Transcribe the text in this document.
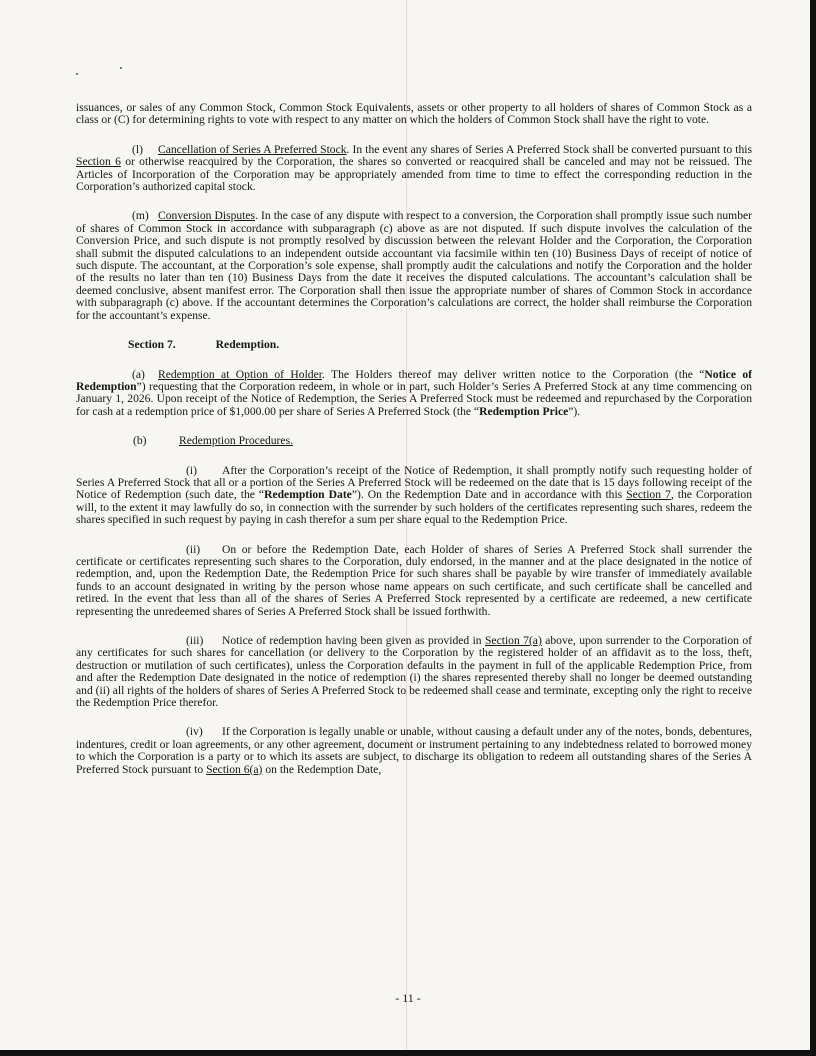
issuances, or sales of any Common Stock, Common Stock Equivalents, assets or other property to all holders of shares of Common Stock as a class or (C) for determining rights to vote with respect to any matter on which the holders of Common Stock shall have the right to vote.

(l) Cancellation of Series A Preferred Stock. In the event any shares of Series A Preferred Stock shall be converted pursuant to this Section 6 or otherwise reacquired by the Corporation, the shares so converted or reacquired shall be canceled and may not be reissued. The Articles of Incorporation of the Corporation may be appropriately amended from time to time to effect the corresponding reduction in the Corporation’s authorized capital stock.

(m) Conversion Disputes. In the case of any dispute with respect to a conversion, the Corporation shall promptly issue such number of shares of Common Stock in accordance with subparagraph (c) above as are not disputed. If such dispute involves the calculation of the Conversion Price, and such dispute is not promptly resolved by discussion between the relevant Holder and the Corporation, the Corporation shall submit the disputed calculations to an independent outside accountant via facsimile within ten (10) Business Days of receipt of notice of such dispute. The accountant, at the Corporation’s sole expense, shall promptly audit the calculations and notify the Corporation and the holder of the results no later than ten (10) Business Days from the date it receives the disputed calculations. The accountant’s calculation shall be deemed conclusive, absent manifest error. The Corporation shall then issue the appropriate number of shares of Common Stock in accordance with subparagraph (c) above. If the accountant determines the Corporation’s calculations are correct, the holder shall reimburse the Corporation for the accountant’s expense.

Section 7.	Redemption.

(a) Redemption at Option of Holder. The Holders thereof may deliver written notice to the Corporation (the “Notice of Redemption”) requesting that the Corporation redeem, in whole or in part, such Holder’s Series A Preferred Stock at any time commencing on January 1, 2026. Upon receipt of the Notice of Redemption, the Series A Preferred Stock must be redeemed and repurchased by the Corporation for cash at a redemption price of $1,000.00 per share of Series A Preferred Stock (the “Redemption Price”).

(b)	Redemption Procedures.

(i) After the Corporation’s receipt of the Notice of Redemption, it shall promptly notify such requesting holder of Series A Preferred Stock that all or a portion of the Series A Preferred Stock will be redeemed on the date that is 15 days following receipt of the Notice of Redemption (such date, the “Redemption Date”). On the Redemption Date and in accordance with this Section 7, the Corporation will, to the extent it may lawfully do so, in connection with the surrender by such holders of the certificates representing such shares, redeem the shares specified in such request by paying in cash therefor a sum per share equal to the Redemption Price.

(ii) On or before the Redemption Date, each Holder of shares of Series A Preferred Stock shall surrender the certificate or certificates representing such shares to the Corporation, duly endorsed, in the manner and at the place designated in the notice of redemption, and, upon the Redemption Date, the Redemption Price for such shares shall be payable by wire transfer of immediately available funds to an account designated in writing by the person whose name appears on such certificate, and such certificate shall be cancelled and retired. In the event that less than all of the shares of Series A Preferred Stock represented by a certificate are redeemed, a new certificate representing the unredeemed shares of Series A Preferred Stock shall be issued forthwith.

(iii) Notice of redemption having been given as provided in Section 7(a) above, upon surrender to the Corporation of any certificates for such shares for cancellation (or delivery to the Corporation by the registered holder of an affidavit as to the loss, theft, destruction or mutilation of such certificates), unless the Corporation defaults in the payment in full of the applicable Redemption Price, from and after the Redemption Date designated in the notice of redemption (i) the shares represented thereby shall no longer be deemed outstanding and (ii) all rights of the holders of shares of Series A Preferred Stock to be redeemed shall cease and terminate, excepting only the right to receive the Redemption Price therefor.

(iv) If the Corporation is legally unable or unable, without causing a default under any of the notes, bonds, debentures, indentures, credit or loan agreements, or any other agreement, document or instrument pertaining to any indebtedness related to borrowed money to which the Corporation is a party or to which its assets are subject, to discharge its obligation to redeem all outstanding shares of the Series A Preferred Stock pursuant to Section 6(a) on the Redemption Date,

- 11 -
